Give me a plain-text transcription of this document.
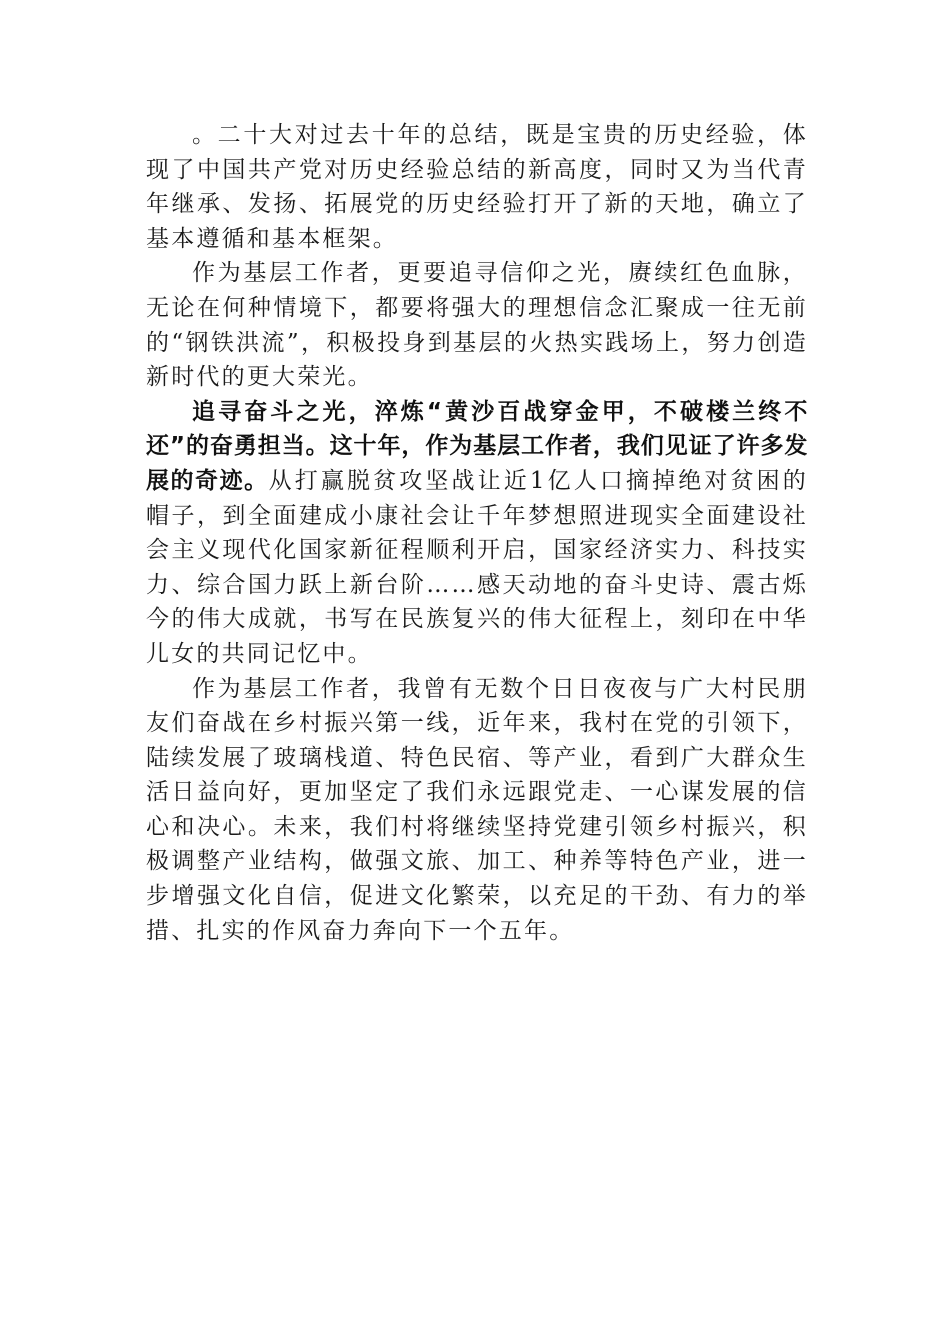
。二十大对过去十年的总结，既是宝贵的历史经验，体现了中国共产党对历史经验总结的新高度，同时又为当代青年继承、发扬、拓展党的历史经验打开了新的天地，确立了基本遵循和基本框架。

作为基层工作者，更要追寻信仰之光，赓续红色血脉，无论在何种情境下，都要将强大的理想信念汇聚成一往无前的“钢铁洪流”，积极投身到基层的火热实践场上，努力创造新时代的更大荣光。

追寻奋斗之光，淬炼“黄沙百战穿金甲，不破楼兰终不还”的奋勇担当。这十年，作为基层工作者，我们见证了许多发展的奇迹。从打赢脱贫攻坚战让近1亿人口摘掉绝对贫困的帽子，到全面建成小康社会让千年梦想照进现实全面建设社会主义现代化国家新征程顺利开启，国家经济实力、科技实力、综合国力跃上新台阶……感天动地的奋斗史诗、震古烁今的伟大成就，书写在民族复兴的伟大征程上，刻印在中华儿女的共同记忆中。

作为基层工作者，我曾有无数个日日夜夜与广大村民朋友们奋战在乡村振兴第一线，近年来，我村在党的引领下，陆续发展了玻璃栈道、特色民宿、等产业，看到广大群众生活日益向好，更加坚定了我们永远跟党走、一心谋发展的信心和决心。未来，我们村将继续坚持党建引领乡村振兴，积极调整产业结构，做强文旅、加工、种养等特色产业，进一步增强文化自信，促进文化繁荣，以充足的干劲、有力的举措、扎实的作风奋力奔向下一个五年。
